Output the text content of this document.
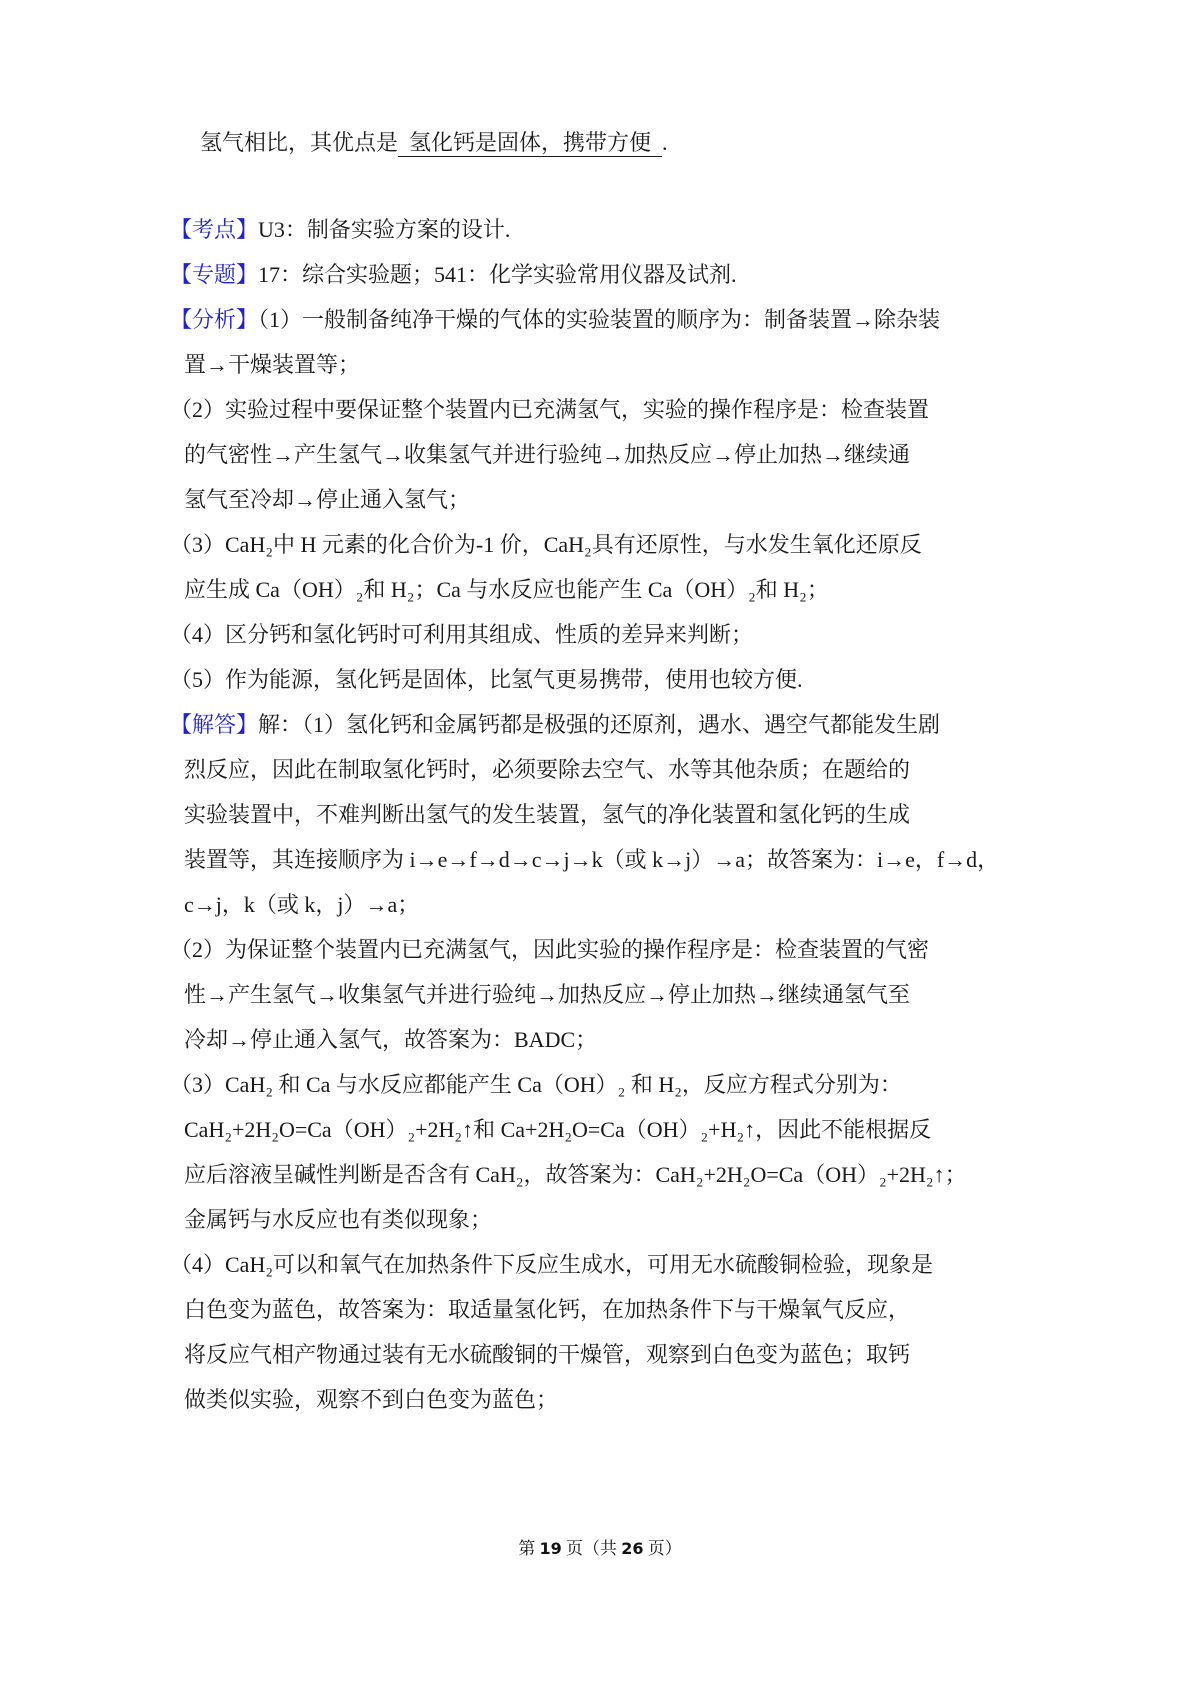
氢气相比，其优点是  氢化钙是固体，携带方便  .
【考点】U3：制备实验方案的设计.
【专题】17：综合实验题；541：化学实验常用仪器及试剂.
【分析】（1）一般制备纯净干燥的气体的实验装置的顺序为：制备装置→除杂装
置→干燥装置等；
（2）实验过程中要保证整个装置内已充满氢气，实验的操作程序是：检查装置
的气密性→产生氢气→收集氢气并进行验纯→加热反应→停止加热→继续通
氢气至冷却→停止通入氢气；
（3）CaH₂中 H 元素的化合价为-1 价，CaH₂具有还原性，与水发生氧化还原反
应生成 Ca（OH）₂和 H₂；Ca 与水反应也能产生 Ca（OH）₂和 H₂；
（4）区分钙和氢化钙时可利用其组成、性质的差异来判断；
（5）作为能源，氢化钙是固体，比氢气更易携带，使用也较方便.
【解答】解：（1）氢化钙和金属钙都是极强的还原剂，遇水、遇空气都能发生剧
烈反应，因此在制取氢化钙时，必须要除去空气、水等其他杂质；在题给的
实验装置中，不难判断出氢气的发生装置，氢气的净化装置和氢化钙的生成
装置等，其连接顺序为 i→e→f→d→c→j→k（或 k→j）→a；故答案为：i→e，f→d，
c→j，k（或 k，j）→a；
（2）为保证整个装置内已充满氢气，因此实验的操作程序是：检查装置的气密
性→产生氢气→收集氢气并进行验纯→加热反应→停止加热→继续通氢气至
冷却→停止通入氢气，故答案为：BADC；
（3）CaH₂ 和 Ca 与水反应都能产生 Ca（OH）₂ 和 H₂，反应方程式分别为：
CaH₂+2H₂O=Ca（OH）₂+2H₂↑和 Ca+2H₂O=Ca（OH）₂+H₂↑，因此不能根据反
应后溶液呈碱性判断是否含有 CaH₂，故答案为：CaH₂+2H₂O=Ca（OH）₂+2H₂↑；
金属钙与水反应也有类似现象；
（4）CaH₂可以和氧气在加热条件下反应生成水，可用无水硫酸铜检验，现象是
白色变为蓝色，故答案为：取适量氢化钙，在加热条件下与干燥氧气反应，
将反应气相产物通过装有无水硫酸铜的干燥管，观察到白色变为蓝色；取钙
做类似实验，观察不到白色变为蓝色；
第 19 页（共 26 页）
